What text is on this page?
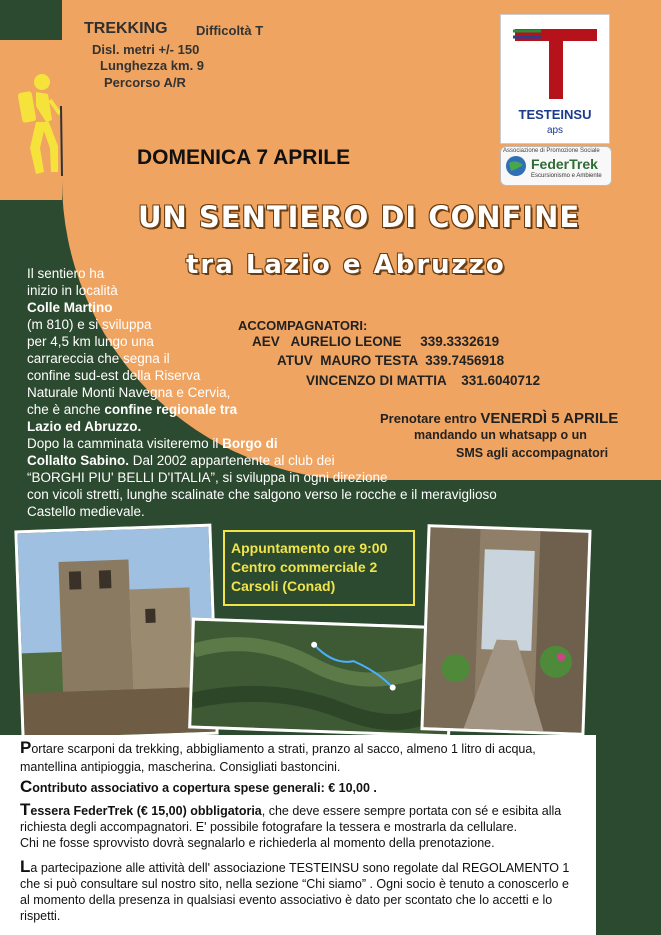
TREKKING Difficoltà T
Disl. metri +/- 150
Lunghezza km. 9
Percorso A/R
DOMENICA 7 APRILE
TESTEINSU
aps
Associazione di Promozione Sociale
FederTrek
Escursionismo e Ambiente
UN SENTIERO DI CONFINE
tra Lazio e Abruzzo
ACCOMPAGNATORI:
AEV   AURELIO LEONE     339.3332619
ATUV  MAURO TESTA  339.7456918
VINCENZO DI MATTIA    331.6040712
Prenotare entro VENERDÌ 5 APRILE
mandando un whatsapp o un
SMS agli accompagnatori
Il sentiero ha
inizio in località
Colle Martino
(m 810) e si sviluppa
per 4,5 km lungo una
carrareccia che segna il
confine sud-est della Riserva
Naturale Monti Navegna e Cervia,
che è anche confine regionale tra
Lazio ed Abruzzo.
Dopo la camminata visiteremo il Borgo di
Collalto Sabino. Dal 2002 appartenente al club dei
“BORGHI PIU' BELLI D'ITALIA”, si sviluppa in ogni direzione
con vicoli stretti, lunghe scalinate che salgono verso le rocche e il meraviglioso
Castello medievale.
Appuntamento ore 9:00
Centro commerciale 2
Carsoli (Conad)
Portare scarponi da trekking, abbigliamento a strati, pranzo al sacco, almeno 1 litro di acqua,
mantellina antipioggia, mascherina. Consigliati bastoncini.
Contributo associativo a copertura spese generali: € 10,00 .
Tessera FederTrek (€ 15,00) obbligatoria, che deve essere sempre portata con sé e esibita alla
richiesta degli accompagnatori. E' possibile fotografare la tessera e mostrarla da cellulare.
Chi ne fosse sprovvisto dovrà segnalarlo e richiederla al momento della prenotazione.
La partecipazione alle attività dell' associazione TESTEINSU sono regolate dal REGOLAMENTO 1
che si può consultare sul nostro sito, nella sezione “Chi siamo” . Ogni socio è tenuto a conoscerlo e
al momento della presenza in qualsiasi evento associativo è dato per scontato che lo accetti e lo
rispetti.
